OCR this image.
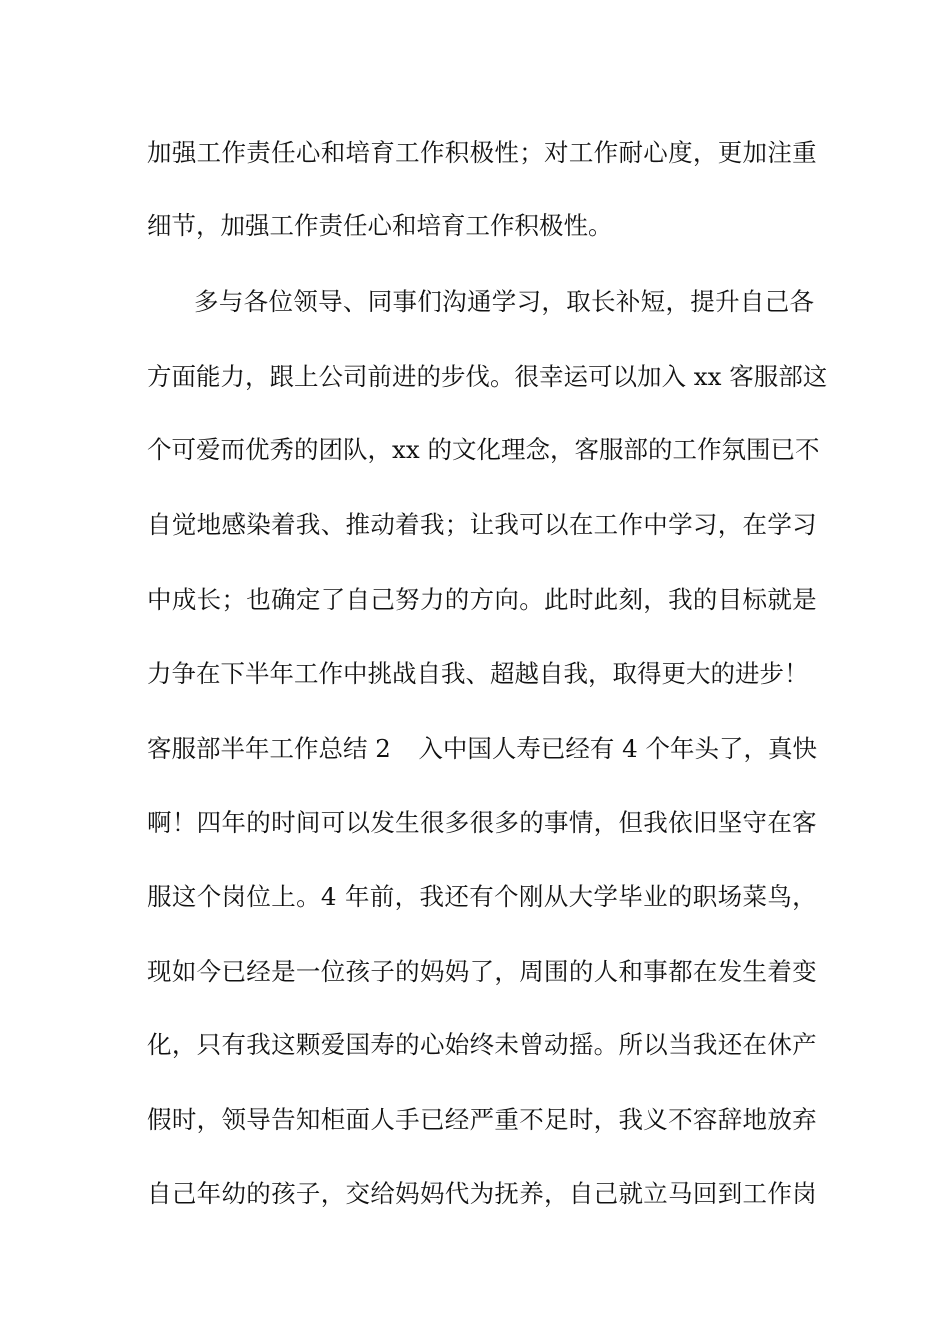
加 强 工 作 责 任 心 和 培 育 工 作 积 极 性 ； 对 工 作 耐 心 度 ， 更 加 注 重
细节，加强工作责任心和培育工作积极性。
多 与 各 位 领 导 、 同 事 们 沟 通 学 习 ， 取 长 补 短 ， 提 升 自 己 各
方 面 能 力 ， 跟 上 公 司 前 进 的 步 伐 。 很 幸 运 可 以 加 入
x x
客 服 部 这
个 可 爱 而 优 秀 的 团 队 ， x x
的 文 化 理 念 ， 客 服 部 的 工 作 氛 围 已 不
自 觉 地 感 染 着 我 、 推 动 着 我 ； 让 我 可 以 在 工 作 中 学 习 ， 在 学 习
中 成 长 ； 也 确 定 了 自 己 努 力 的 方 向 。 此 时 此 刻 ， 我 的 目 标 就 是
力争在下半年工作中挑战自我、超越自我，取得更大的进步！
客服部半年工作总结 2	入 中 国 人 寿 已 经 有
4
个 年 头 了 ， 真 快
啊 ！ 四 年 的 时 间 可 以 发 生 很 多 很 多 的 事 情 ， 但 我 依 旧 坚 守 在 客
服 这 个 岗 位 上 。 4
年 前 ， 我 还 有 个 刚 从 大 学 毕 业 的 职 场 菜 鸟 ，
现 如 今 已 经 是 一 位 孩 子 的 妈 妈 了 ， 周 围 的 人 和 事 都 在 发 生 着 变
化 ， 只 有 我 这 颗 爱 国 寿 的 心 始 终 未 曾 动 摇 。 所 以 当 我 还 在 休 产
假 时 ， 领 导 告 知 柜 面 人 手 已 经 严 重 不 足 时 ， 我 义 不 容 辞 地 放 弃
自 己 年 幼 的 孩 子 ， 交 给 妈 妈 代 为 抚 养 ， 自 己 就 立 马 回 到 工 作 岗
